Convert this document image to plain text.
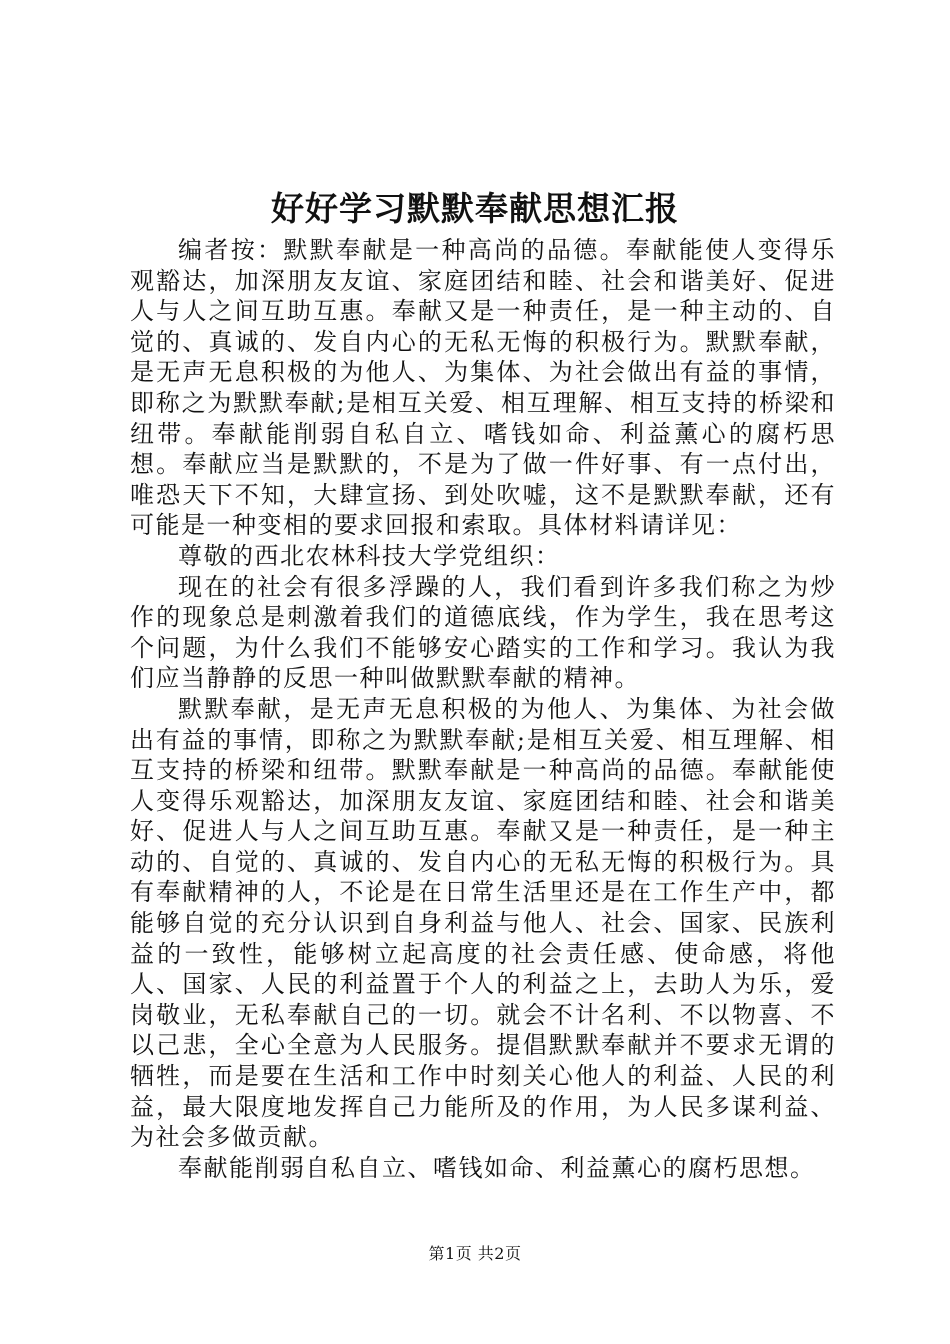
好好学习默默奉献思想汇报

编者按：默默奉献是一种高尚的品德。奉献能使人变得乐观豁达，加深朋友友谊、家庭团结和睦、社会和谐美好、促进人与人之间互助互惠。奉献又是一种责任，是一种主动的、自觉的、真诚的、发自内心的无私无悔的积极行为。默默奉献，是无声无息积极的为他人、为集体、为社会做出有益的事情，即称之为默默奉献;是相互关爱、相互理解、相互支持的桥梁和纽带。奉献能削弱自私自立、嗜钱如命、利益薰心的腐朽思想。奉献应当是默默的，不是为了做一件好事、有一点付出，唯恐天下不知，大肆宣扬、到处吹嘘，这不是默默奉献，还有可能是一种变相的要求回报和索取。具体材料请详见：

尊敬的西北农林科技大学党组织：

现在的社会有很多浮躁的人，我们看到许多我们称之为炒作的现象总是刺激着我们的道德底线，作为学生，我在思考这个问题，为什么我们不能够安心踏实的工作和学习。我认为我们应当静静的反思一种叫做默默奉献的精神。

默默奉献，是无声无息积极的为他人、为集体、为社会做出有益的事情，即称之为默默奉献;是相互关爱、相互理解、相互支持的桥梁和纽带。默默奉献是一种高尚的品德。奉献能使人变得乐观豁达，加深朋友友谊、家庭团结和睦、社会和谐美好、促进人与人之间互助互惠。奉献又是一种责任，是一种主动的、自觉的、真诚的、发自内心的无私无悔的积极行为。具有奉献精神的人，不论是在日常生活里还是在工作生产中，都能够自觉的充分认识到自身利益与他人、社会、国家、民族利益的一致性，能够树立起高度的社会责任感、使命感，将他人、国家、人民的利益置于个人的利益之上，去助人为乐，爱岗敬业，无私奉献自己的一切。就会不计名利、不以物喜、不以己悲，全心全意为人民服务。提倡默默奉献并不要求无谓的牺牲，而是要在生活和工作中时刻关心他人的利益、人民的利益，最大限度地发挥自己力能所及的作用，为人民多谋利益、为社会多做贡献。

奉献能削弱自私自立、嗜钱如命、利益薰心的腐朽思想。

第1页 共2页
